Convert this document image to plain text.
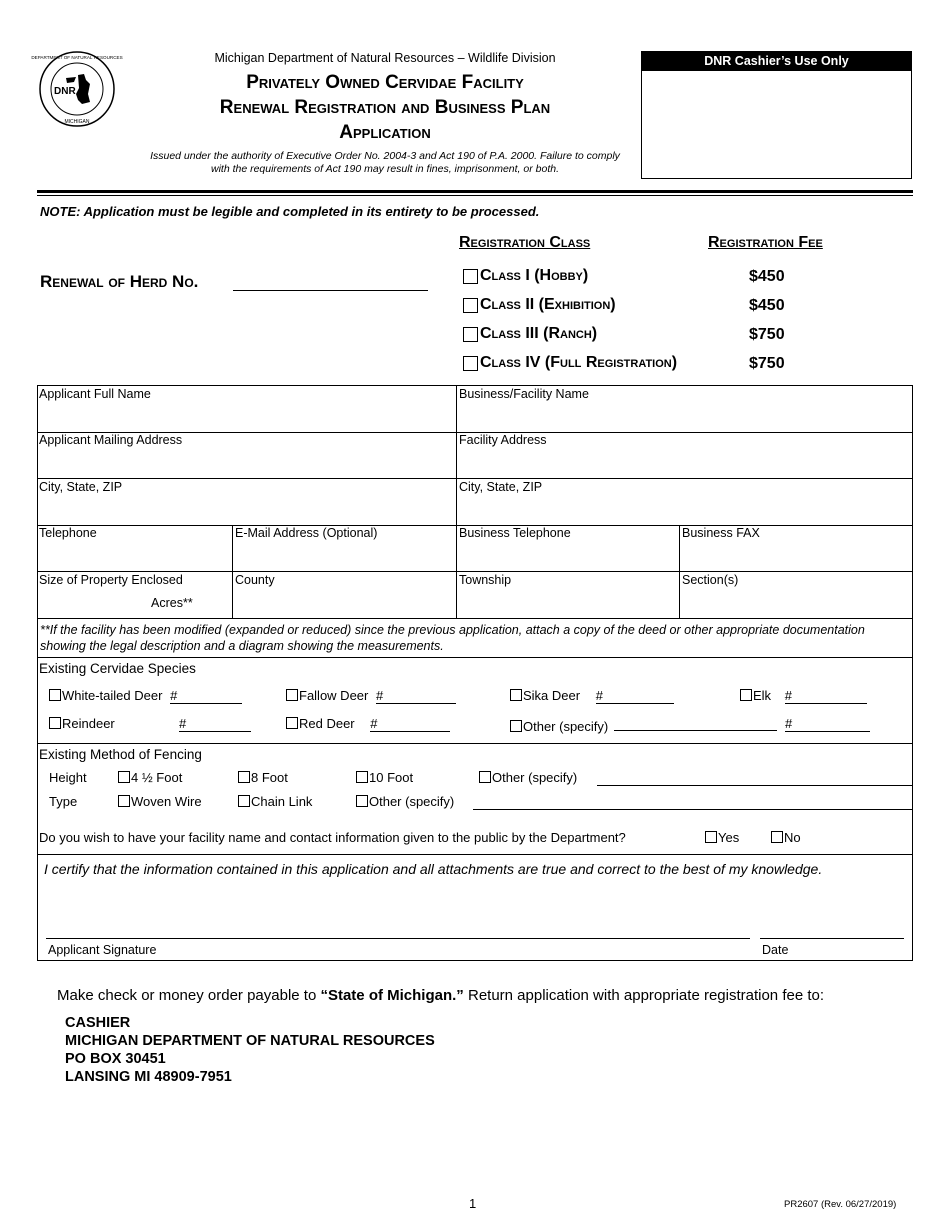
DNR
DEPARTMENT OF NATURAL RESOURCES
MICHIGAN
Michigan Department of Natural Resources – Wildlife Division
Privately Owned Cervidae Facility
Renewal Registration and Business Plan
Application
Issued under the authority of Executive Order No. 2004-3 and Act 190 of P.A. 2000. Failure to comply
with the requirements of Act 190 may result in fines, imprisonment, or both.
DNR Cashier’s Use Only
NOTE: Application must be legible and completed in its entirety to be processed.
Registration Class	Registration Fee
Renewal of Herd No.	Class I (Hobby)	$450
Class II (Exhibition)	$450
Class III (Ranch)	$750
Class IV (Full Registration)	$750
Applicant Full Name	Business/Facility Name
Applicant Mailing Address	Facility Address
City, State, ZIP	City, State, ZIP
Telephone	E-Mail Address (Optional)	Business Telephone	Business FAX
Size of Property Enclosed
Acres**
County	Township	Section(s)
**If the facility has been modified (expanded or reduced) since the previous application, attach a copy of the deed or other appropriate documentation showing the legal description and a diagram showing the measurements.
Existing Cervidae Species
White-tailed Deer #	Fallow Deer #	Sika Deer #	Elk #
Reindeer	#	Red Deer #	Other (specify)	#
Existing Method of Fencing
Height	4 ½ Foot	8 Foot	10 Foot	Other (specify)
Type	Woven Wire	Chain Link	Other (specify)
Do you wish to have your facility name and contact information given to the public by the Department?	Yes	No
I certify that the information contained in this application and all attachments are true and correct to the best of my knowledge.
Applicant Signature	Date
Make check or money order payable to “State of Michigan.” Return application with appropriate registration fee to:
CASHIER
MICHIGAN DEPARTMENT OF NATURAL RESOURCES
PO BOX 30451
LANSING MI 48909-7951
1	PR2607 (Rev. 06/27/2019)
